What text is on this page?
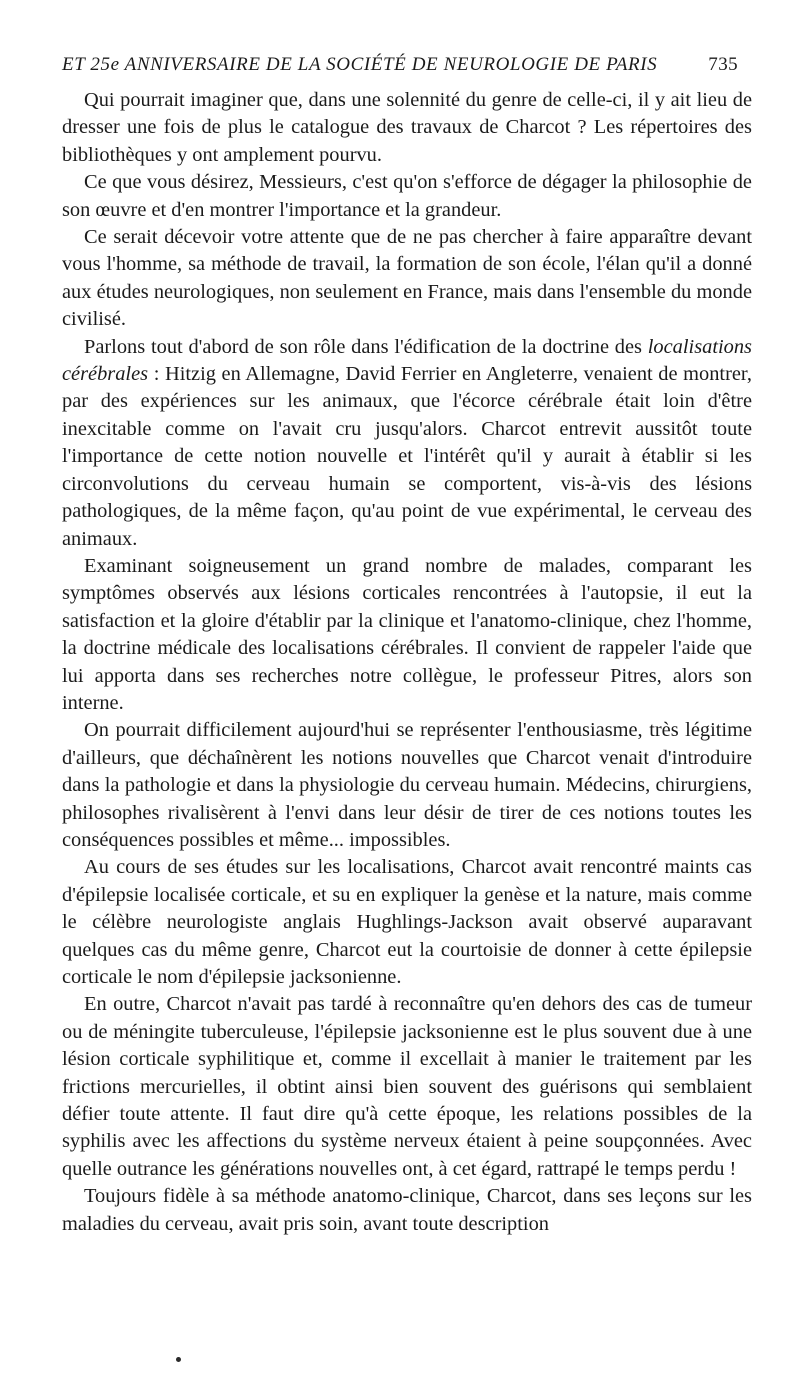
ET 25e ANNIVERSAIRE DE LA SOCIÉTÉ DE NEUROLOGIE DE PARIS	735

Qui pourrait imaginer que, dans une solennité du genre de celle-ci, il y ait lieu de dresser une fois de plus le catalogue des travaux de Charcot ? Les répertoires des bibliothèques y ont amplement pourvu.

Ce que vous désirez, Messieurs, c'est qu'on s'efforce de dégager la philosophie de son œuvre et d'en montrer l'importance et la grandeur.

Ce serait décevoir votre attente que de ne pas chercher à faire apparaître devant vous l'homme, sa méthode de travail, la formation de son école, l'élan qu'il a donné aux études neurologiques, non seulement en France, mais dans l'ensemble du monde civilisé.

Parlons tout d'abord de son rôle dans l'édification de la doctrine des localisations cérébrales : Hitzig en Allemagne, David Ferrier en Angleterre, venaient de montrer, par des expériences sur les animaux, que l'écorce cérébrale était loin d'être inexcitable comme on l'avait cru jusqu'alors. Charcot entrevit aussitôt toute l'importance de cette notion nouvelle et l'intérêt qu'il y aurait à établir si les circonvolutions du cerveau humain se comportent, vis-à-vis des lésions pathologiques, de la même façon, qu'au point de vue expérimental, le cerveau des animaux.

Examinant soigneusement un grand nombre de malades, comparant les symptômes observés aux lésions corticales rencontrées à l'autopsie, il eut la satisfaction et la gloire d'établir par la clinique et l'anatomo-clinique, chez l'homme, la doctrine médicale des localisations cérébrales. Il convient de rappeler l'aide que lui apporta dans ses recherches notre collègue, le professeur Pitres, alors son interne.

On pourrait difficilement aujourd'hui se représenter l'enthousiasme, très légitime d'ailleurs, que déchaînèrent les notions nouvelles que Charcot venait d'introduire dans la pathologie et dans la physiologie du cerveau humain. Médecins, chirurgiens, philosophes rivalisèrent à l'envi dans leur désir de tirer de ces notions toutes les conséquences possibles et même... impossibles.

Au cours de ses études sur les localisations, Charcot avait rencontré maints cas d'épilepsie localisée corticale, et su en expliquer la genèse et la nature, mais comme le célèbre neurologiste anglais Hughlings-Jackson avait observé auparavant quelques cas du même genre, Charcot eut la courtoisie de donner à cette épilepsie corticale le nom d'épilepsie jacksonienne.

En outre, Charcot n'avait pas tardé à reconnaître qu'en dehors des cas de tumeur ou de méningite tuberculeuse, l'épilepsie jacksonienne est le plus souvent due à une lésion corticale syphilitique et, comme il excellait à manier le traitement par les frictions mercurielles, il obtint ainsi bien souvent des guérisons qui semblaient défier toute attente. Il faut dire qu'à cette époque, les relations possibles de la syphilis avec les affections du système nerveux étaient à peine soupçonnées. Avec quelle outrance les générations nouvelles ont, à cet égard, rattrapé le temps perdu !

Toujours fidèle à sa méthode anatomo-clinique, Charcot, dans ses leçons sur les maladies du cerveau, avait pris soin, avant toute description
